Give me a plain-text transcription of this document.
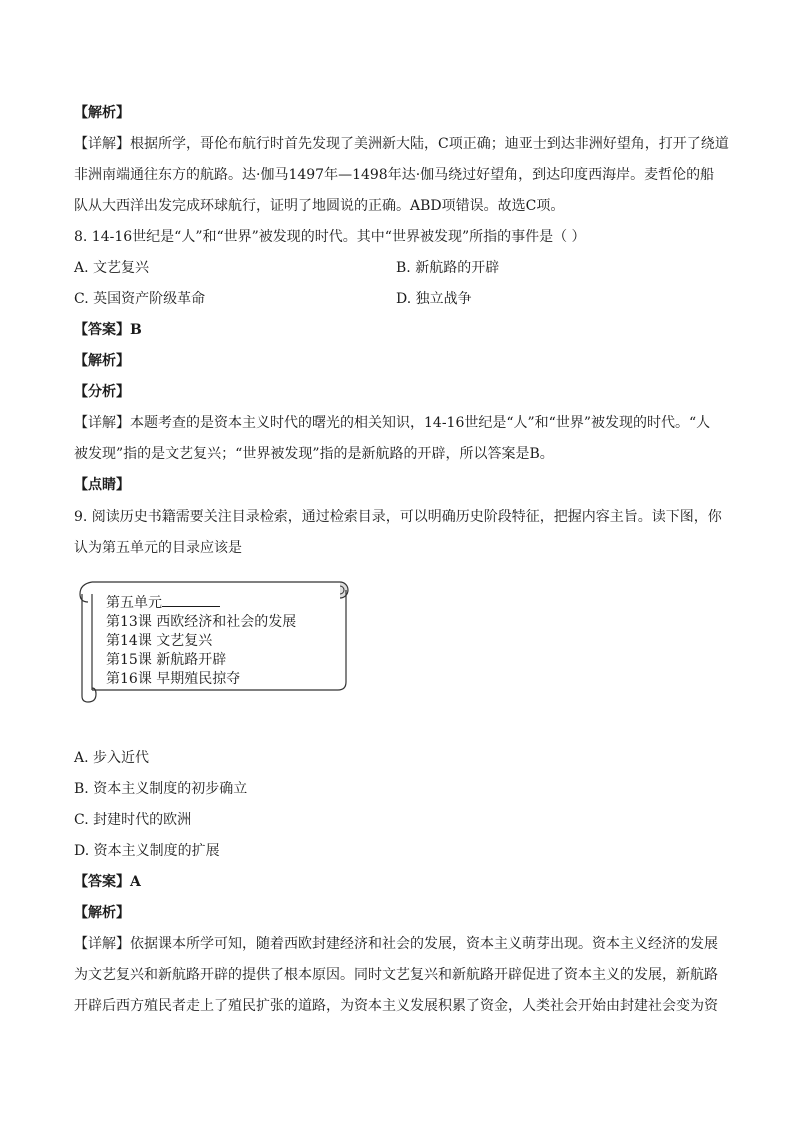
【解析】
【详解】根据所学，哥伦布航行时首先发现了美洲新大陆，C项正确；迪亚士到达非洲好望角，打开了绕道
非洲南端通往东方的航路。达·伽马1497年—1498年达·伽马绕过好望角，到达印度西海岸。麦哲伦的船
队从大西洋出发完成环球航行，证明了地圆说的正确。ABD项错误。故选C项。
8. 14-16世纪是“人”和“世界”被发现的时代。其中“世界被发现”所指的事件是（ ）
A. 文艺复兴	B. 新航路的开辟
C. 英国资产阶级革命	D. 独立战争
【答案】B
【解析】
【分析】
【详解】本题考查的是资本主义时代的曙光的相关知识，14-16世纪是“人”和“世界”被发现的时代。“人
被发现”指的是文艺复兴；“世界被发现”指的是新航路的开辟，所以答案是B。
【点睛】
9. 阅读历史书籍需要关注目录检索，通过检索目录，可以明确历史阶段特征，把握内容主旨。读下图，你
认为第五单元的目录应该是
第五单元
第13课 西欧经济和社会的发展
第14课 文艺复兴
第15课 新航路开辟
第16课 早期殖民掠夺
A. 步入近代
B. 资本主义制度的初步确立
C. 封建时代的欧洲
D. 资本主义制度的扩展
【答案】A
【解析】
【详解】依据课本所学可知，随着西欧封建经济和社会的发展，资本主义萌芽出现。资本主义经济的发展
为文艺复兴和新航路开辟的提供了根本原因。同时文艺复兴和新航路开辟促进了资本主义的发展，新航路
开辟后西方殖民者走上了殖民扩张的道路，为资本主义发展积累了资金，人类社会开始由封建社会变为资
